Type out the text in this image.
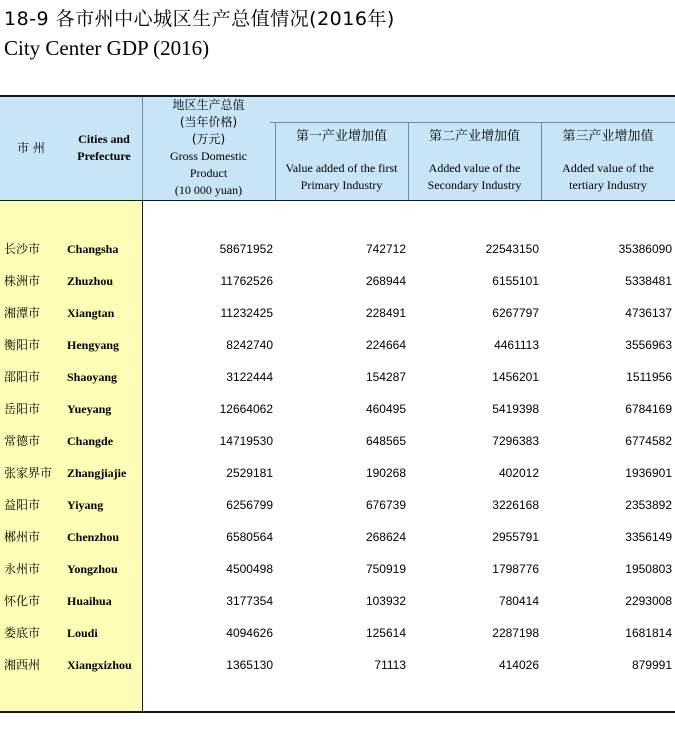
18-9 各市州中心城区生产总值情况(2016年)
City Center GDP (2016)
市 州
Cities and
Prefecture
地区生产总值
(当年价格)
(万元)
Gross Domestic
Product
(10 000 yuan)
第一产业增加值
Value added of the first
Primary Industry
第二产业增加值
Added value of the
Secondary Industry
第三产业增加值
Added value of the
tertiary Industry
长沙市 Changsha	58671952	742712	22543150	35386090
株洲市 Zhuzhou	11762526	268944	6155101	5338481
湘潭市 Xiangtan	11232425	228491	6267797	4736137
衡阳市 Hengyang	8242740	224664	4461113	3556963
邵阳市 Shaoyang	3122444	154287	1456201	1511956
岳阳市 Yueyang	12664062	460495	5419398	6784169
常德市 Changde	14719530	648565	7296383	6774582
张家界市 Zhangjiajie	2529181	190268	402012	1936901
益阳市 Yiyang	6256799	676739	3226168	2353892
郴州市 Chenzhou	6580564	268624	2955791	3356149
永州市 Yongzhou	4500498	750919	1798776	1950803
怀化市 Huaihua	3177354	103932	780414	2293008
娄底市 Loudi	4094626	125614	2287198	1681814
湘西州 Xiangxizhou	1365130	71113	414026	879991
